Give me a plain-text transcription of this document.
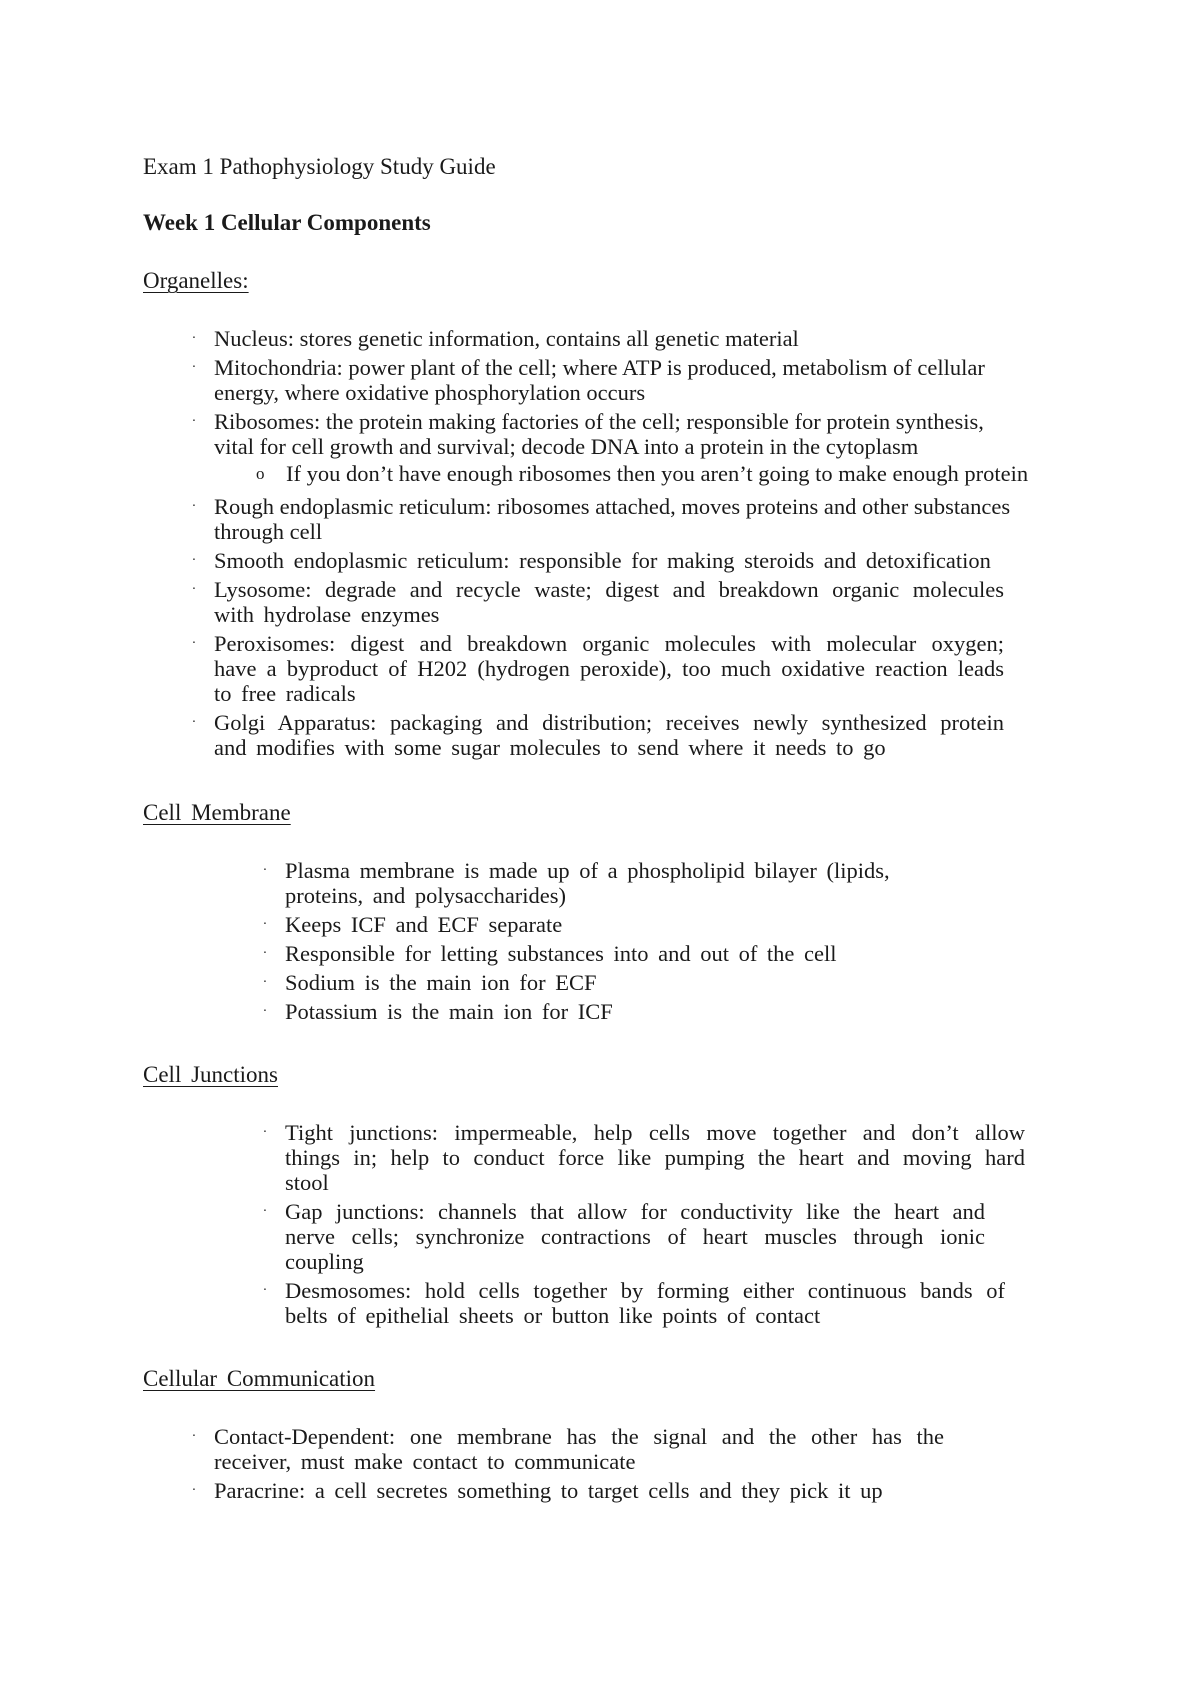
Exam 1 Pathophysiology Study Guide
Week 1 Cellular Components
Organelles:
· Nucleus: stores genetic information, contains all genetic material
· Mitochondria: power plant of the cell; where ATP is produced, metabolism of cellular energy, where oxidative phosphorylation occurs
· Ribosomes: the protein making factories of the cell; responsible for protein synthesis, vital for cell growth and survival; decode DNA into a protein in the cytoplasm
o If you don’t have enough ribosomes then you aren’t going to make enough protein
· Rough endoplasmic reticulum: ribosomes attached, moves proteins and other substances through cell
· Smooth endoplasmic reticulum: responsible for making steroids and detoxification
· Lysosome: degrade and recycle waste; digest and breakdown organic molecules with hydrolase enzymes
· Peroxisomes: digest and breakdown organic molecules with molecular oxygen; have a byproduct of H202 (hydrogen peroxide), too much oxidative reaction leads to free radicals
· Golgi Apparatus: packaging and distribution; receives newly synthesized protein and modifies with some sugar molecules to send where it needs to go
Cell Membrane
· Plasma membrane is made up of a phospholipid bilayer (lipids, proteins, and polysaccharides)
· Keeps ICF and ECF separate
· Responsible for letting substances into and out of the cell
· Sodium is the main ion for ECF
· Potassium is the main ion for ICF
Cell Junctions
· Tight junctions: impermeable, help cells move together and don’t allow things in; help to conduct force like pumping the heart and moving hard stool
· Gap junctions: channels that allow for conductivity like the heart and nerve cells; synchronize contractions of heart muscles through ionic coupling
· Desmosomes: hold cells together by forming either continuous bands of belts of epithelial sheets or button like points of contact
Cellular Communication
· Contact-Dependent: one membrane has the signal and the other has the receiver, must make contact to communicate
· Paracrine: a cell secretes something to target cells and they pick it up
